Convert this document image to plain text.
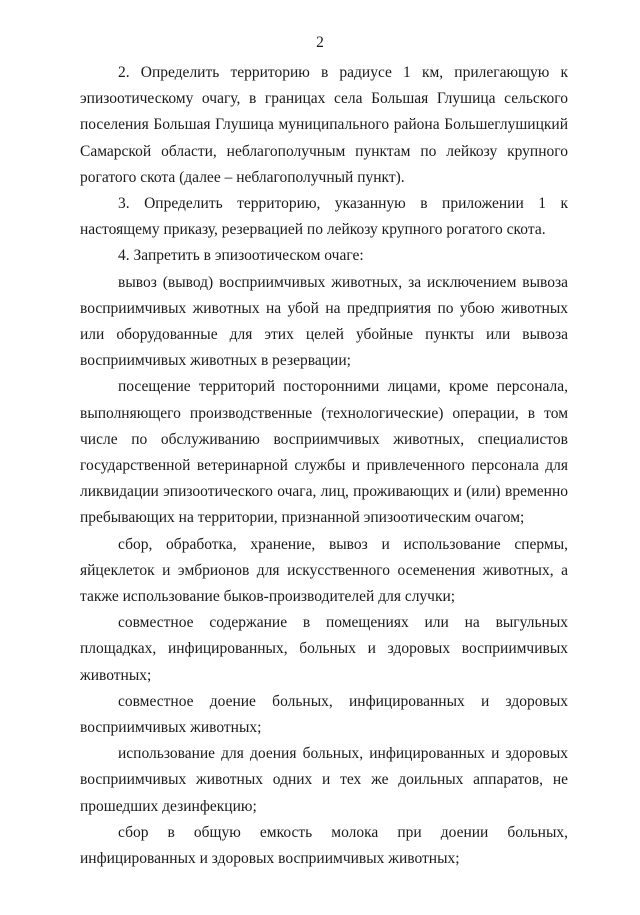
2

2. Определить территорию в радиусе 1 км, прилегающую к эпизоотическому очагу, в границах села Большая Глушица сельского поселения Большая Глушица муниципального района Большеглушицкий Самарской области, неблагополучным пунктам по лейкозу крупного рогатого скота (далее – неблагополучный пункт).

3. Определить территорию, указанную в приложении 1 к настоящему приказу, резервацией по лейкозу крупного рогатого скота.

4. Запретить в эпизоотическом очаге:

вывоз (вывод) восприимчивых животных, за исключением вывоза восприимчивых животных на убой на предприятия по убою животных или оборудованные для этих целей убойные пункты или вывоза восприимчивых животных в резервации;

посещение территорий посторонними лицами, кроме персонала, выполняющего производственные (технологические) операции, в том числе по обслуживанию восприимчивых животных, специалистов государственной ветеринарной службы и привлеченного персонала для ликвидации эпизоотического очага, лиц, проживающих и (или) временно пребывающих на территории, признанной эпизоотическим очагом;

сбор, обработка, хранение, вывоз и использование спермы, яйцеклеток и эмбрионов для искусственного осеменения животных, а также использование быков-производителей для случки;

совместное содержание в помещениях или на выгульных площадках, инфицированных, больных и здоровых восприимчивых животных;

совместное доение больных, инфицированных и здоровых восприимчивых животных;

использование для доения больных, инфицированных и здоровых восприимчивых животных одних и тех же доильных аппаратов, не прошедших дезинфекцию;

сбор в общую емкость молока при доении больных, инфицированных и здоровых восприимчивых животных;
